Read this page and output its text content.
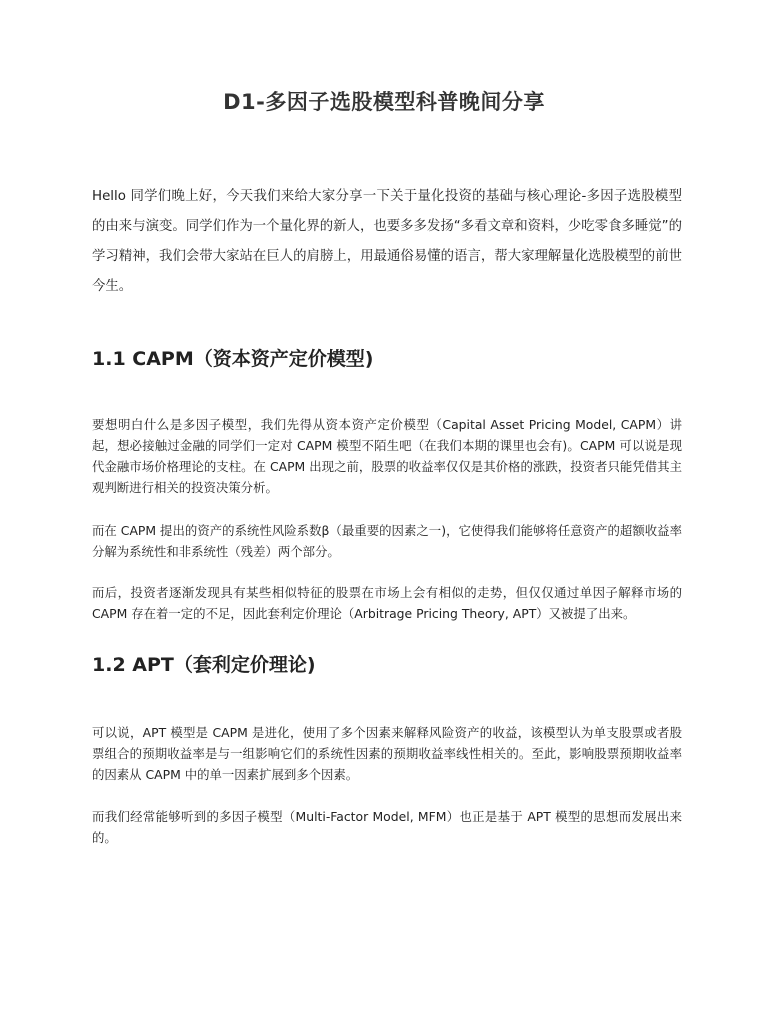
D1-多因子选股模型科普晚间分享

Hello 同学们晚上好，今天我们来给大家分享一下关于量化投资的基础与核心理论-多因子选股模型的由来与演变。同学们作为一个量化界的新人，也要多多发扬“多看文章和资料，少吃零食多睡觉”的学习精神，我们会带大家站在巨人的肩膀上，用最通俗易懂的语言，帮大家理解量化选股模型的前世今生。

1.1 CAPM（资本资产定价模型)

要想明白什么是多因子模型，我们先得从资本资产定价模型（Capital Asset Pricing Model, CAPM）讲起，想必接触过金融的同学们一定对 CAPM 模型不陌生吧（在我们本期的课里也会有)。CAPM 可以说是现代金融市场价格理论的支柱。在 CAPM 出现之前，股票的收益率仅仅是其价格的涨跌，投资者只能凭借其主观判断进行相关的投资决策分析。

而在 CAPM 提出的资产的系统性风险系数β（最重要的因素之一)，它使得我们能够将任意资产的超额收益率分解为系统性和非系统性（残差）两个部分。

而后，投资者逐渐发现具有某些相似特征的股票在市场上会有相似的走势，但仅仅通过单因子解释市场的 CAPM 存在着一定的不足，因此套利定价理论（Arbitrage Pricing Theory, APT）又被提了出来。

1.2 APT（套利定价理论)

可以说，APT 模型是 CAPM 是进化，使用了多个因素来解释风险资产的收益，该模型认为单支股票或者股票组合的预期收益率是与一组影响它们的系统性因素的预期收益率线性相关的。至此，影响股票预期收益率的因素从 CAPM 中的单一因素扩展到多个因素。

而我们经常能够听到的多因子模型（Multi-Factor Model, MFM）也正是基于 APT 模型的思想而发展出来的。
